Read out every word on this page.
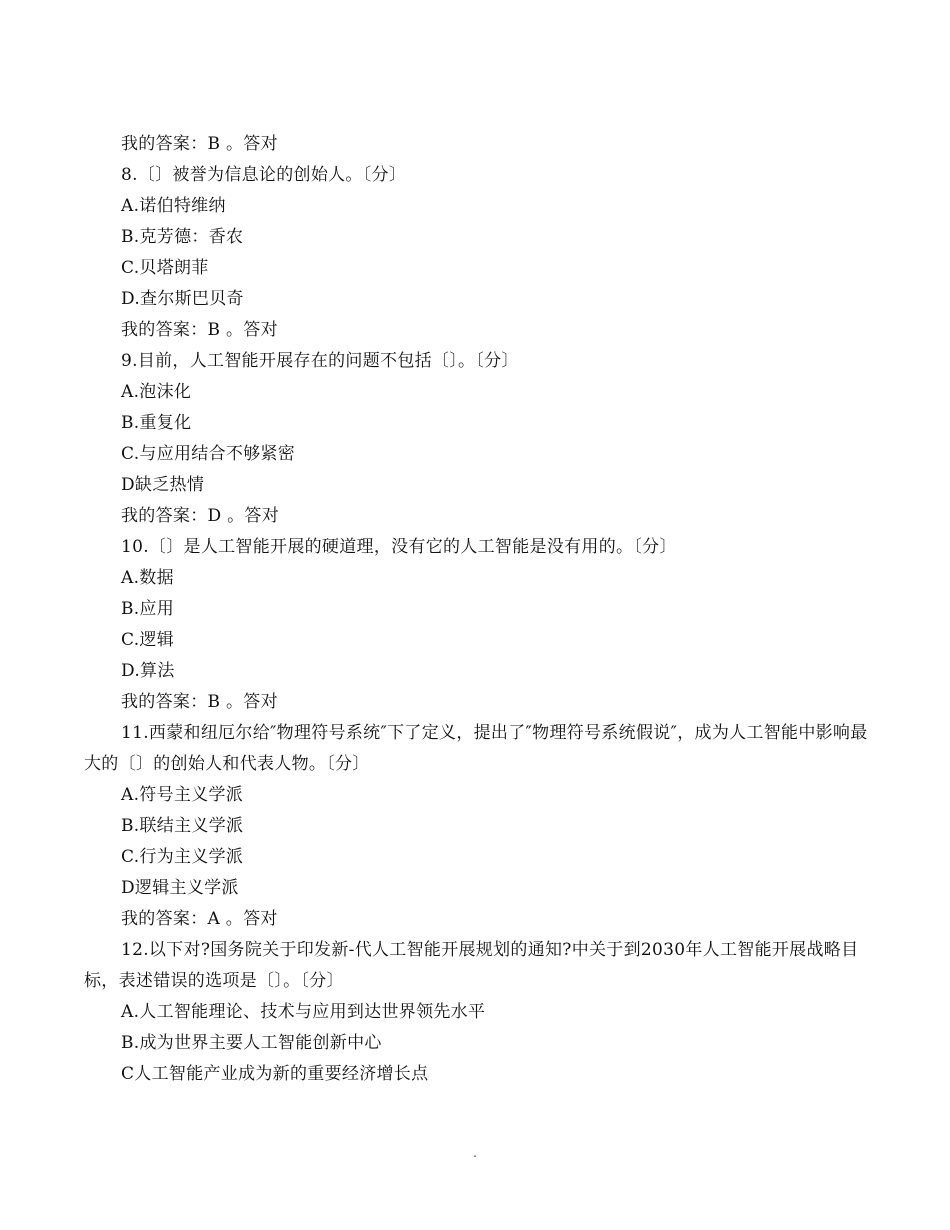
我的答案：B 。答对
8.〔〕被誉为信息论的创始人。〔分〕
A.诺伯特维纳
B.克芳德：香农
C.贝塔朗菲
D.查尔斯巴贝奇
我的答案：B 。答对
9.目前，人工智能开展存在的问题不包括〔〕。〔分〕
A.泡沫化
B.重复化
C.与应用结合不够紧密
D缺乏热情
我的答案：D 。答对
10.〔〕是人工智能开展的硬道理，没有它的人工智能是没有用的。〔分〕
A.数据
B.应用
C.逻辑
D.算法
我的答案：B 。答对
11.西蒙和纽厄尔给″物理符号系统″下了定义，提出了″物理符号系统假说″，成为人工智能中影响最大的〔〕的创始人和代表人物。〔分〕
A.符号主义学派
B.联结主义学派
C.行为主义学派
D逻辑主义学派
我的答案：A 。答对
12.以下对?国务院关于印发新-代人工智能开展规划的通知?中关于到2030年人工智能开展战略目标，表述错误的选项是〔〕。〔分〕
A.人工智能理论、技术与应用到达世界领先水平
B.成为世界主要人工智能创新中心
C人工智能产业成为新的重要经济增长点
.
